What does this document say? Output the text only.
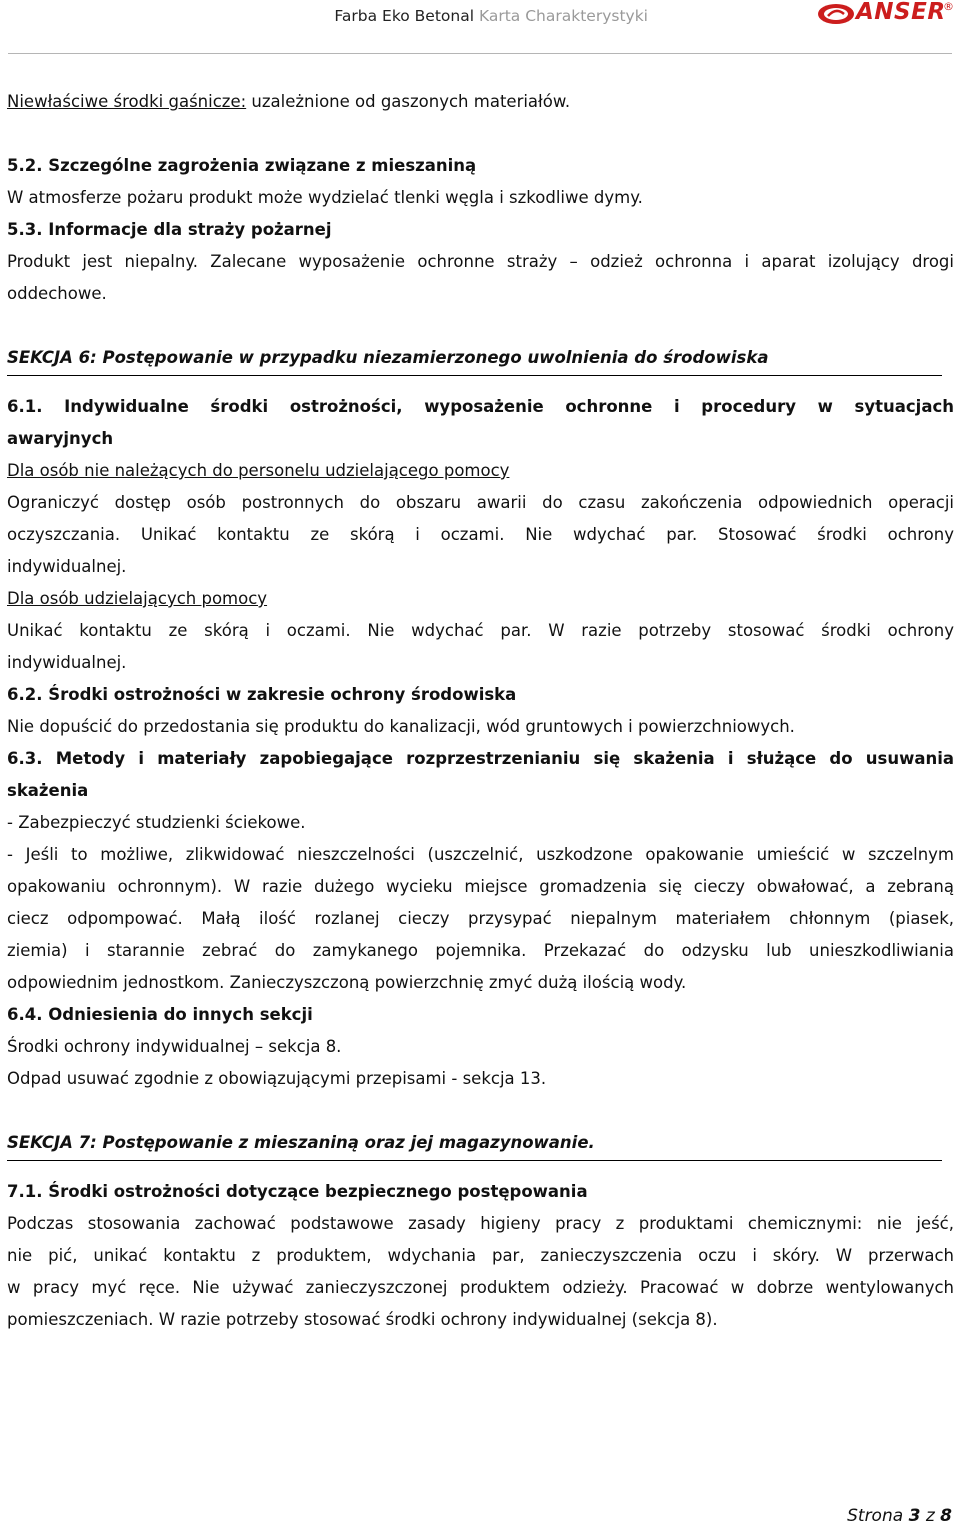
Farba Eko Betonal Karta Charakterystyki	ANSER
®
Niewłaściwe środki gaśnicze: uzależnione od gaszonych materiałów.
5.2. Szczególne zagrożenia związane z mieszaniną
W atmosferze pożaru produkt może wydzielać tlenki węgla i szkodliwe dymy.
5.3. Informacje dla straży pożarnej
Produkt jest niepalny. Zalecane wyposażenie ochronne straży – odzież ochronna i aparat izolujący drogi
oddechowe.
SEKCJA 6: Postępowanie w przypadku niezamierzonego uwolnienia do środowiska
6.1. Indywidualne środki ostrożności, wyposażenie ochronne i procedury w sytuacjach
awaryjnych
Dla osób nie należących do personelu udzielającego pomocy
Ograniczyć dostęp osób postronnych do obszaru awarii do czasu zakończenia odpowiednich operacji
oczyszczania. Unikać kontaktu ze skórą i oczami. Nie wdychać par. Stosować środki ochrony
indywidualnej.
Dla osób udzielających pomocy
Unikać kontaktu ze skórą i oczami. Nie wdychać par. W razie potrzeby stosować środki ochrony
indywidualnej.
6.2. Środki ostrożności w zakresie ochrony środowiska
Nie dopuścić do przedostania się produktu do kanalizacji, wód gruntowych i powierzchniowych.
6.3. Metody i materiały zapobiegające rozprzestrzenianiu się skażenia i służące do usuwania
skażenia
- Zabezpieczyć studzienki ściekowe.
- Jeśli to możliwe, zlikwidować nieszczelności (uszczelnić, uszkodzone opakowanie umieścić w szczelnym
opakowaniu ochronnym). W razie dużego wycieku miejsce gromadzenia się cieczy obwałować, a zebraną
ciecz odpompować. Małą ilość rozlanej cieczy przysypać niepalnym materiałem chłonnym (piasek,
ziemia) i starannie zebrać do zamykanego pojemnika. Przekazać do odzysku lub unieszkodliwiania
odpowiednim jednostkom. Zanieczyszczoną powierzchnię zmyć dużą ilością wody.
6.4. Odniesienia do innych sekcji
Środki ochrony indywidualnej – sekcja 8.
Odpad usuwać zgodnie z obowiązującymi przepisami - sekcja 13.
SEKCJA 7: Postępowanie z mieszaniną oraz jej magazynowanie.
7.1. Środki ostrożności dotyczące bezpiecznego postępowania
Podczas stosowania zachować podstawowe zasady higieny pracy z produktami chemicznymi: nie jeść,
nie pić, unikać kontaktu z produktem, wdychania par, zanieczyszczenia oczu i skóry. W przerwach
w pracy myć ręce. Nie używać zanieczyszczonej produktem odzieży. Pracować w dobrze wentylowanych
pomieszczeniach. W razie potrzeby stosować środki ochrony indywidualnej (sekcja 8).
Strona 3 z 8
